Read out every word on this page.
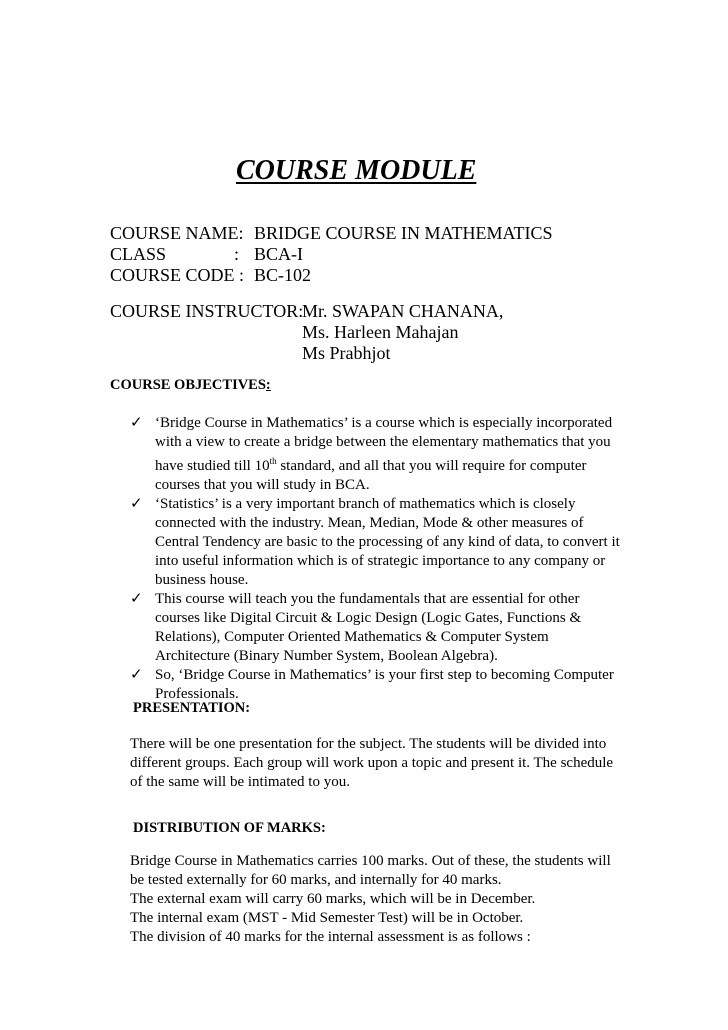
COURSE MODULE
COURSE NAME: BRIDGE COURSE IN MATHEMATICS
CLASS	: BCA-I
COURSE CODE : BC-102
COURSE INSTRUCTOR:
Mr. SWAPAN CHANANA,
Ms. Harleen Mahajan
Ms Prabhjot
COURSE OBJECTIVES:
✓ ‘Bridge Course in Mathematics’ is a course which is especially incorporated with a view to create a bridge between the elementary mathematics that you have studied till 10th standard, and all that you will require for computer courses that you will study in BCA.
✓ ‘Statistics’ is a very important branch of mathematics which is closely connected with the industry. Mean, Median, Mode & other measures of Central Tendency are basic to the processing of any kind of data, to convert it into useful information which is of strategic importance to any company or business house.
✓ This course will teach you the fundamentals that are essential for other courses like Digital Circuit & Logic Design (Logic Gates, Functions & Relations), Computer Oriented Mathematics & Computer System Architecture (Binary Number System, Boolean Algebra).
✓ So, ‘Bridge Course in Mathematics’ is your first step to becoming Computer Professionals.
PRESENTATION:
There will be one presentation for the subject. The students will be divided into
different groups. Each group will work upon a topic and present it. The schedule
of the same will be intimated to you.
DISTRIBUTION OF MARKS:
Bridge Course in Mathematics carries 100 marks. Out of these, the students will
be tested externally for 60 marks, and internally for 40 marks.
The external exam will carry 60 marks, which will be in December.
The internal exam (MST - Mid Semester Test) will be in October.
The division of 40 marks for the internal assessment is as follows :
